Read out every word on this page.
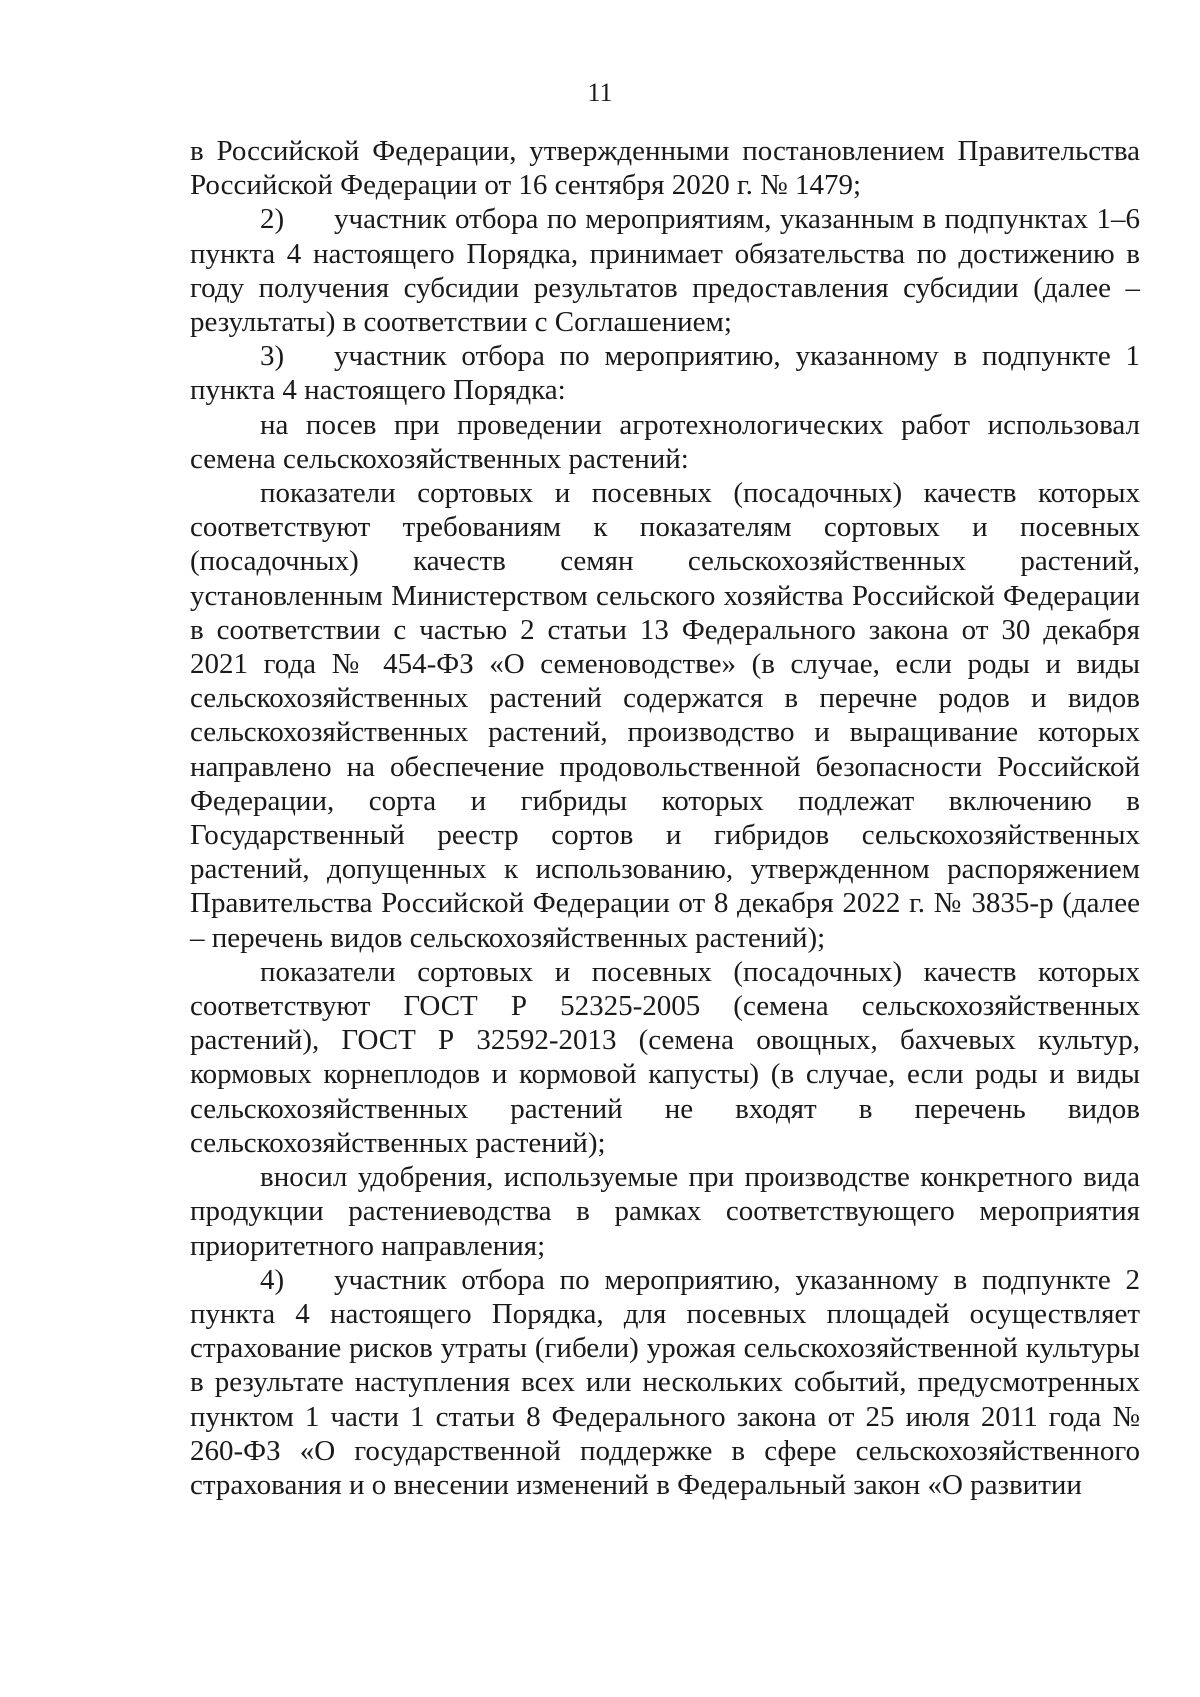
11

в Российской Федерации, утвержденными постановлением Правительства Российской Федерации от 16 сентября 2020 г. № 1479;

2) участник отбора по мероприятиям, указанным в подпунктах 1–6 пункта 4 настоящего Порядка, принимает обязательства по достижению в году получения субсидии результатов предоставления субсидии (далее – результаты) в соответствии с Соглашением;

3) участник отбора по мероприятию, указанному в подпункте 1 пункта 4 настоящего Порядка:

на посев при проведении агротехнологических работ использовал семена сельскохозяйственных растений:

показатели сортовых и посевных (посадочных) качеств которых соответствуют требованиям к показателям сортовых и посевных (посадочных) качеств семян сельскохозяйственных растений, установленным Министерством сельского хозяйства Российской Федерации в соответствии с частью 2 статьи 13 Федерального закона от 30 декабря 2021 года № 454-ФЗ «О семеноводстве» (в случае, если роды и виды сельскохозяйственных растений содержатся в перечне родов и видов сельскохозяйственных растений, производство и выращивание которых направлено на обеспечение продовольственной безопасности Российской Федерации, сорта и гибриды которых подлежат включению в Государственный реестр сортов и гибридов сельскохозяйственных растений, допущенных к использованию, утвержденном распоряжением Правительства Российской Федерации от 8 декабря 2022 г. № 3835-р (далее – перечень видов сельскохозяйственных растений);

показатели сортовых и посевных (посадочных) качеств которых соответствуют ГОСТ Р 52325-2005 (семена сельскохозяйственных растений), ГОСТ Р 32592-2013 (семена овощных, бахчевых культур, кормовых корнеплодов и кормовой капусты) (в случае, если роды и виды сельскохозяйственных растений не входят в перечень видов сельскохозяйственных растений);

вносил удобрения, используемые при производстве конкретного вида продукции растениеводства в рамках соответствующего мероприятия приоритетного направления;

4) участник отбора по мероприятию, указанному в подпункте 2 пункта 4 настоящего Порядка, для посевных площадей осуществляет страхование рисков утраты (гибели) урожая сельскохозяйственной культуры в результате наступления всех или нескольких событий, предусмотренных пунктом 1 части 1 статьи 8 Федерального закона от 25 июля 2011 года № 260-ФЗ «О государственной поддержке в сфере сельскохозяйственного страхования и о внесении изменений в Федеральный закон «О развитии
